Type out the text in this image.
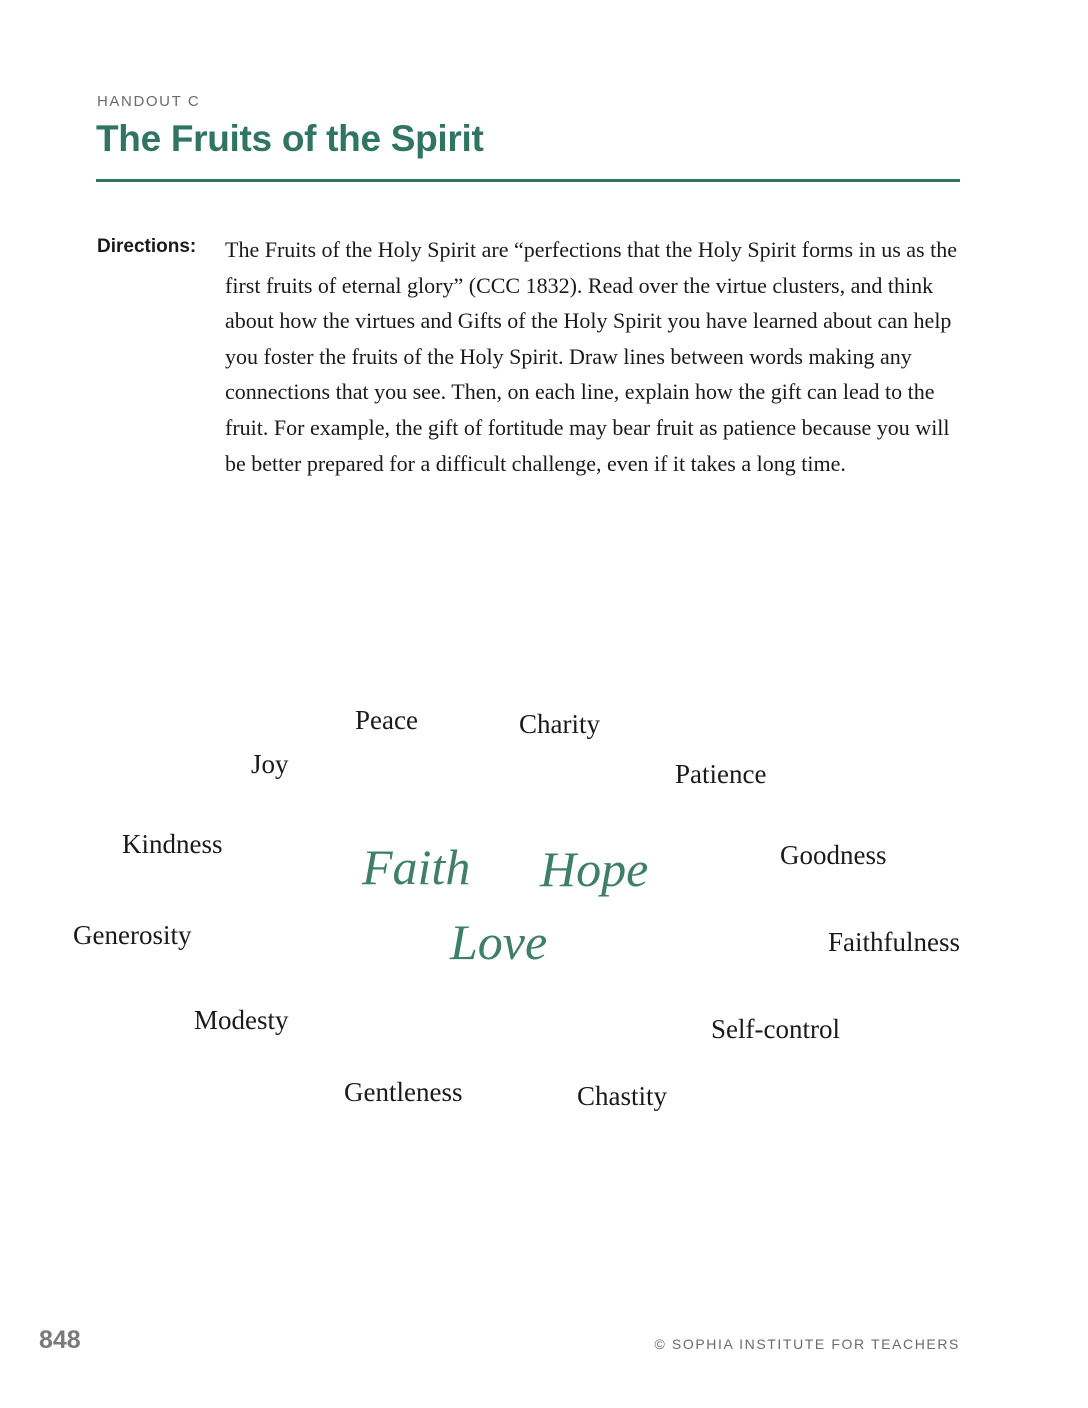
HANDOUT C
The Fruits of the Spirit
Directions: The Fruits of the Holy Spirit are “perfections that the Holy Spirit forms in us as the first fruits of eternal glory” (CCC 1832). Read over the virtue clusters, and think about how the virtues and Gifts of the Holy Spirit you have learned about can help you foster the fruits of the Holy Spirit. Draw lines between words making any connections that you see. Then, on each line, explain how the gift can lead to the fruit. For example, the gift of fortitude may bear fruit as patience because you will be better prepared for a difficult challenge, even if it takes a long time.

Peace	Charity
Joy	Patience
Kindness	Goodness
Generosity	Faithfulness
Modesty	Self-control
Gentleness	Chastity
Faith Hope
Love
848	© SOPHIA INSTITUTE FOR TEACHERS
